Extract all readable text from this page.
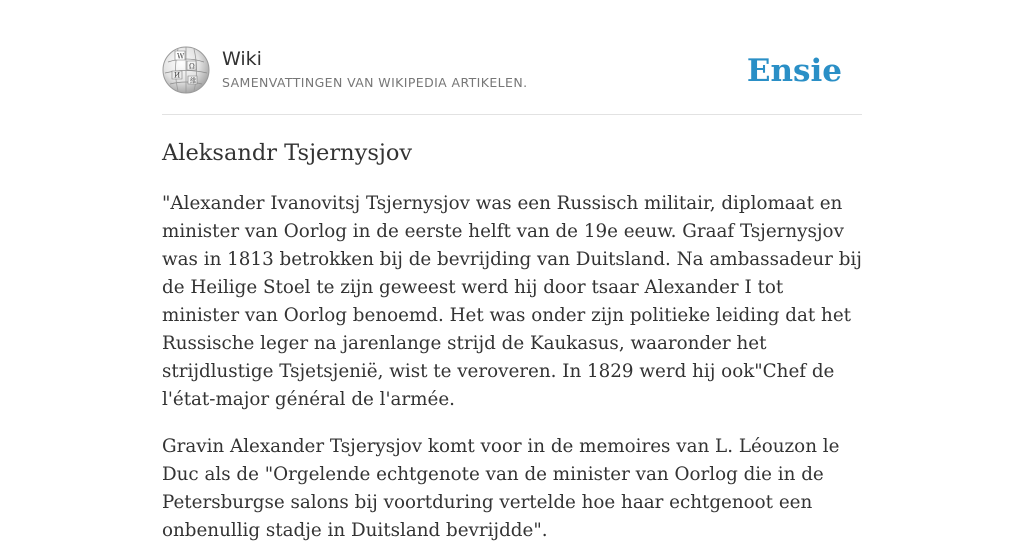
W
Ω
И
維
Wiki
SAMENVATTINGEN VAN WIKIPEDIA ARTIKELEN.	Ensie
Aleksandr Tsjernysjov

"Alexander Ivanovitsj Tsjernysjov was een Russisch militair, diplomaat en minister van Oorlog in de eerste helft van de 19e eeuw. Graaf Tsjernysjov was in 1813 betrokken bij de bevrijding van Duitsland. Na ambassadeur bij de Heilige Stoel te zijn geweest werd hij door tsaar Alexander I tot minister van Oorlog benoemd. Het was onder zijn politieke leiding dat het Russische leger na jarenlange strijd de Kaukasus, waaronder het strijdlustige Tsjetsjenië, wist te veroveren. In 1829 werd hij ook"Chef de l'état-major général de l'armée.

Gravin Alexander Tsjerysjov komt voor in de memoires van L. Léouzon le Duc als de "Orgelende echtgenote van de minister van Oorlog die in de Petersburgse salons bij voortduring vertelde hoe haar echtgenoot een onbenullig stadje in Duitsland bevrijdde".
